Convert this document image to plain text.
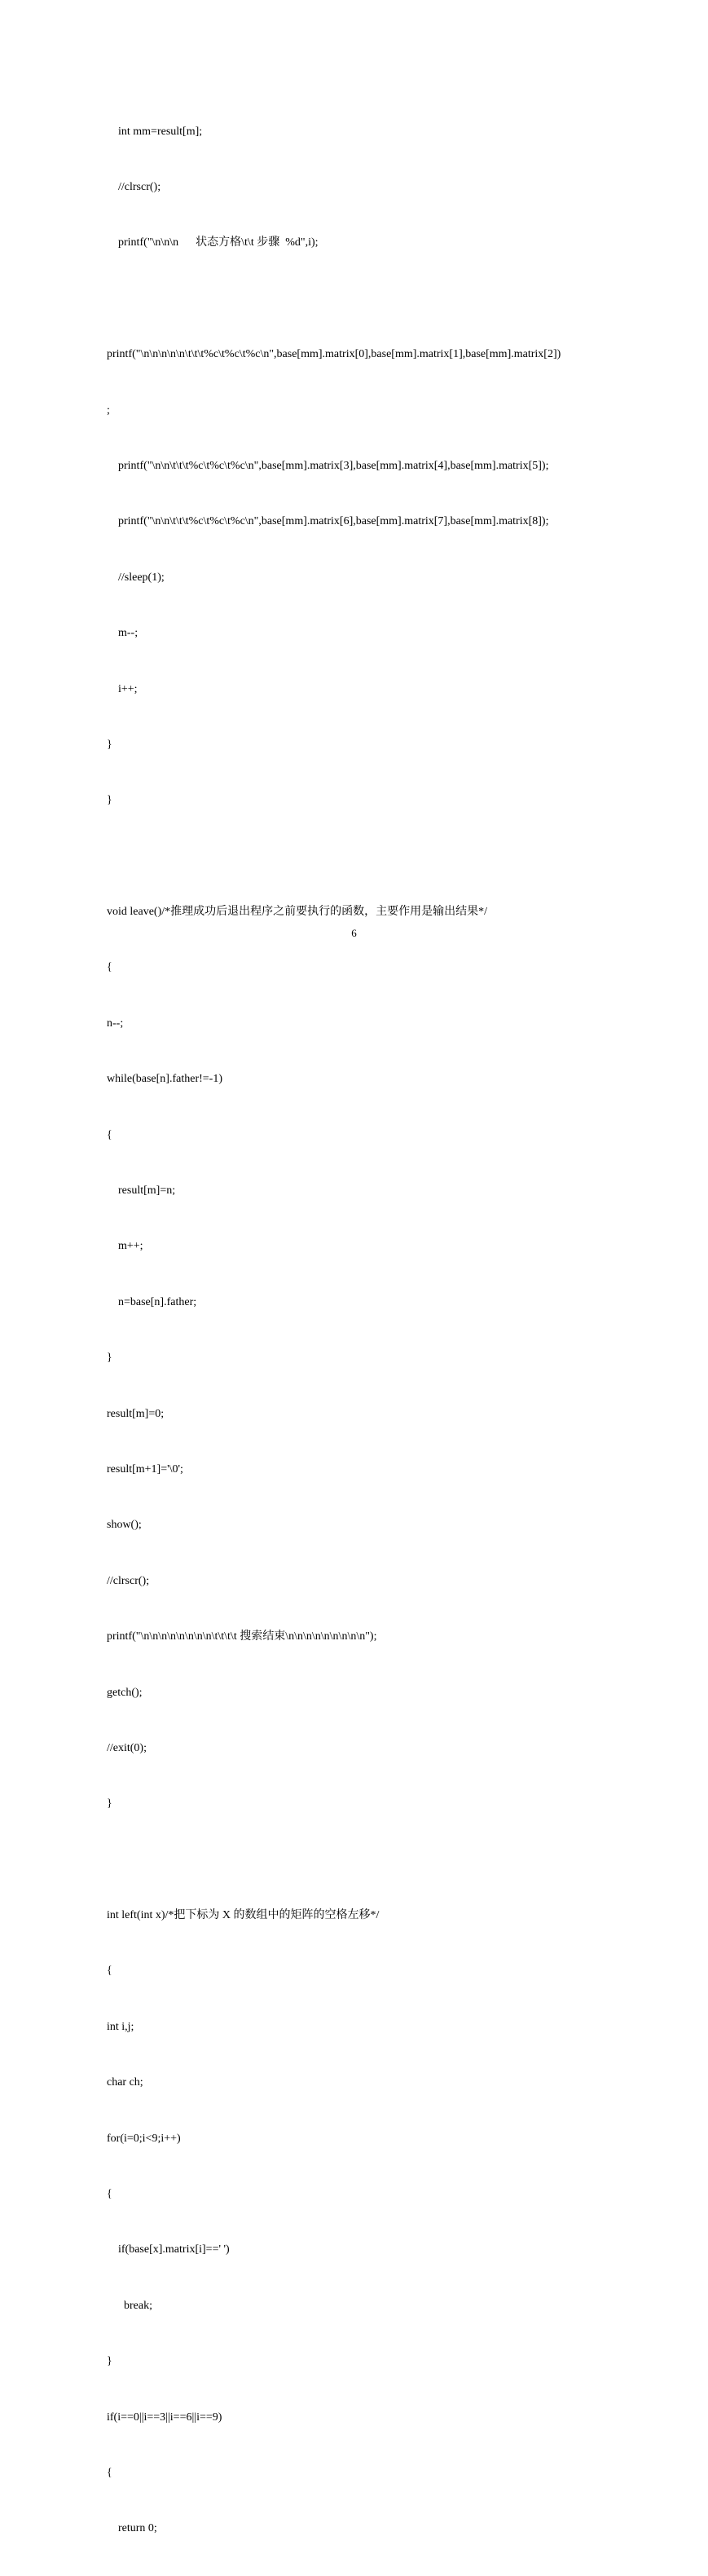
int mm=result[m];

//clrscr();

printf("\n\n\n      状态方格\t\t 步骤  %d",i);

printf("\n\n\n\n\n\t\t\t%c\t%c\t%c\n",base[mm].matrix[0],base[mm].matrix[1],base[mm].matrix[2])

;

printf("\n\n\t\t\t%c\t%c\t%c\n",base[mm].matrix[3],base[mm].matrix[4],base[mm].matrix[5]);

printf("\n\n\t\t\t%c\t%c\t%c\n",base[mm].matrix[6],base[mm].matrix[7],base[mm].matrix[8]);

//sleep(1);

m--;

i++;

}

}

void leave()/*推理成功后退出程序之前要执行的函数，主要作用是输出结果*/

{

n--;

while(base[n].father!=-1)

{

result[m]=n;

m++;

n=base[n].father;

}

result[m]=0;

result[m+1]='\0';

show();

//clrscr();

printf("\n\n\n\n\n\n\n\n\t\t\t\t 搜索结束\n\n\n\n\n\n\n\n\n");

getch();

//exit(0);

}

int left(int x)/*把下标为 X 的数组中的矩阵的空格左移*/

{

int i,j;

char ch;

for(i=0;i<9;i++)

{

if(base[x].matrix[i]==' ')

break;

}

if(i==0||i==3||i==6||i==9)

{

return 0;

6
